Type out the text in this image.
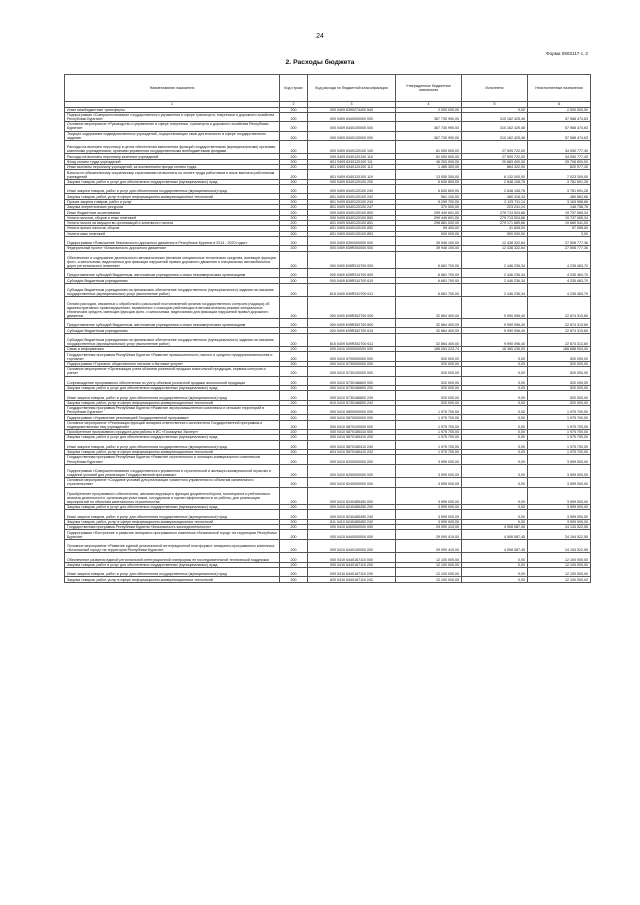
24
Форма 0503117 с. 2
2. Расходы бюджета
Наименование показателя	Код строки	Код расхода по бюджетной классификации	Утвержденные бюджетные назначения	Исполнено	Неисполненные назначения
1	2	3	4	5	6
Иные межбюджетные трансферты	200	000 0409 6390274400 540	2 000 000,00	0,00	2 000 000,00
Подпрограмма «Совершенствование государственного управления в сфере транспорта, энергетики и дорожного хозяйства Республики Бурятия»	200	000 0409 6340000000 000	367 730 990,00	310 162 425,46	57 568 474,63
Основное мероприятие «Руководство и управление в сфере энергетики, транспорта и дорожного хозяйства Республики Бурятия»	200	000 0409 6340100000 000	367 730 990,00	310 162 425,46	57 568 474,63
Текущее содержание подведомственных учреждений, осуществляющих свою деятельность в сфере государственного задания	200	000 0409 6340120000 000	367 730 990,00	310 162 425,46	57 568 474,63
Расходы на выплаты персоналу в целях обеспечения выполнения функций государственными (муниципальными) органами, казенными учреждениями, органами управления государственными внебюджетными фондами	200	000 0409 6340120100 100	61 059 500,00	27 509 722,00	34 050 777,40
Расходы на выплаты персоналу казенных учреждений	200	000 0409 6340120100 110	61 059 500,00	27 509 722,00	34 050 777,40
Фонд оплаты труда учреждений	200	801 0409 6340120100 111	46 200 000,00	20 683 400,00	25 706 600,00
Иные выплаты персоналу учреждений, за исключением фонда оплаты труда	200	801 0409 6340120100 112	1 485 300,00	864 322,00	620 977,40
Взносы по обязательному социальному страхованию на выплаты по оплате труда работников и иные выплаты работникам учреждений	200	801 0409 6340120100 119	13 055 300,00	6 132 000,00	7 023 300,00
Закупка товаров, работ и услуг для обеспечения государственных (муниципальных) нужд	200	000 0409 6340120100 200	6 630 800,00	2 848 108,78	3 781 691,28
Иные закупки товаров, работ и услуг для обеспечения государственных (муниципальных) нужд	200	000 0409 6340120100 240	6 630 800,00	2 848 108,78	3 781 691,28
Закупка товаров, работ, услуг в сфере информационно-коммуникационных технологий	200	801 0409 6340120100 242	961 100,00	480 318,34	480 862,66
Прочая закупка товаров, работ и услуг	200	801 0409 6340120100 244	5 299 700,00	2 125 711,14	3 163 988,86
Закупка энергетических ресурсов	200	801 0409 6340120100 247	370 000,00	223 241,24	146 758,76
Иные бюджетные ассигнования	200	000 0409 6340120100 800	299 449 601,00	279 713 524,66	19 737 065,34
Уплата налогов, сборов и иных платежей	200	000 0409 6340120100 850	299 449 601,00	279 713 524,66	19 737 065,34
Уплата налога на имущество организаций и земельного налога	200	801 0409 6340120100 851	298 881 000,00	279 171 689,66	19 689 541,00
Уплата прочих налогов, сборов	200	801 0409 6340120100 852	99 400,00	41 845,00	57 555,00
Уплата иных платежей	200	801 0409 6340120100 853	500 000,00	500 000,00	0,00
Подпрограмма «Повышение безопасности дорожного движения в Республике Бурятия в 2014 - 2020 годах»	200	000 0409 6390000000 000	39 946 100,00	12 438 322,64	27 508 777,36
Федеральный проект «Безопасность дорожного движения»	200	000 0409 639R300000 000	39 946 100,00	12 438 322,64	27 508 777,36
Обеспечение и содержание деятельности автоматических (включая специальные технические средства, имеющие функции фото- и киносъемки, видеозаписи для фиксации нарушений правил дорожного движения и специальных автомобильных дорог регионального значения»	200	000 0409 639R310700 000	6 681 700,00	2 446 236,34	4 235 463,70
Предоставление субсидий бюджетным, автономным учреждениям и иным некоммерческим организациям	200	000 0409 639R310700 600	6 681 700,00	2 446 236,34	4 235 463,70
Субсидии бюджетным учреждениям	200	000 0409 639R310700 610	6 681 700,00	2 446 236,34	4 235 463,70
Субсидии бюджетным учреждениям на финансовое обеспечение государственного (муниципального) задания на оказание государственных (муниципальных) услуг (выполнение работ)	200	815 0409 639R310700 611	6 681 700,00	2 446 236,34	4 235 463,70
Оплата расходов, связанных с обработкой и рассылкой постановлений органов государственного контроля (надзора) об административных правонарушениях, выявленных с помощью работающих в автоматическом режиме специальных технических средств, имеющих функции фото- и киносъемки, видеозаписи для фиксации нарушений правил дорожного движения	200	000 0409 639R352700 000	32 864 400,00	9 990 096,40	22 874 313,60
Предоставление субсидий бюджетным, автономным учреждениям и иным некоммерческим организациям	200	000 0409 639R352700 600	32 864 400,00	9 990 096,40	22 874 313,60
Субсидии бюджетным учреждениям	200	000 0409 639R352700 610	32 864 400,00	9 990 096,40	22 874 313,60
Субсидии бюджетным учреждениям на финансовое обеспечение государственного (муниципального) задания на оказание государственных (муниципальных) услуг (выполнение работ)	200	815 0409 639R352700 611	32 864 400,00	9 990 096,40	22 874 313,60
Связь и информатика	200	000 0410 0000000000 000	185 053 223,74	16 365 235,00	168 688 004,00
Государственная программа Республики Бурятия «Развитие промышленности, малого и среднего предпринимательства и торговли»	200	000 0410 5700000000 000	520 000,00	0,00	520 000,00
Подпрограмма «Торговля, общественное питание и бытовые услуги»	200	000 0410 5730000000 000	520 000,00	0,00	520 000,00
Основное мероприятие «Организация учета объемов розничной продажи алкогольной продукции, сервиса контроля и учета»	200	000 0410 5730100000 000	520 000,00	0,00	520 000,00
Сопровождение программного обеспечения по учету объемов розничной продажи алкогольной продукции	200	000 0410 5730186800 000	520 000,00	0,00	520 000,00
Закупка товаров, работ и услуг для обеспечения государственных (муниципальных) нужд	200	000 0410 5730186800 200	520 000,00	0,00	520 000,00
Иные закупки товаров, работ и услуг для обеспечения государственных (муниципальных) нужд	200	000 0410 5730186800 240	520 000,00	0,00	520 000,00
Закупка товаров, работ, услуг в сфере информационно-коммуникационных технологий	200	810 0410 5730186800 242	520 000,00	0,00	520 000,00
Государственная программа Республики Бурятия «Развитие агропромышленного комплекса и сельских территорий в Республике Бурятия»	200	000 0410 5800000000 000	1 975 700,00	0,00	1 975 700,00
Подпрограмма «Управление реализацией Государственной программы»	200	000 0410 5870000000 000	1 975 700,00	0,00	1 975 700,00
Основное мероприятие «Реализация функций аппарата ответственного исполнителя Государственной программы и подведомственных ему учреждений»	200	000 0410 5870100000 000	1 975 700,00	0,00	1 975 700,00
Приобретение программного продукта для работы в ИС «Госзакупки Эксперт»	200	000 0410 5870185410 000	1 975 700,00	0,00	1 975 700,00
Закупка товаров, работ и услуг для обеспечения государственных (муниципальных) нужд	200	000 0410 5870185410 200	1 975 700,00	0,00	1 975 700,00
Иные закупки товаров, работ и услуг для обеспечения государственных (муниципальных) нужд	200	000 0410 5870185410 240	1 975 700,00	0,00	1 975 700,00
Закупка товаров, работ, услуг в сфере информационно-коммуникационных технологий	200	824 0410 5870185410 242	1 975 700,00	0,00	1 975 700,00
Государственная программа Республики Бурятия «Развитие строительного и жилищно-коммунального комплексов Республики Бурятия»	200	000 0410 6200000000 000	3 599 000,00	0,00	3 599 000,00
Подпрограмма «Совершенствование государственного управления в строительной и жилищно-коммунальной отраслях и создание условий для реализации Государственной программы»	200	000 0410 6250000000 000	3 599 000,00	0,00	3 599 000,00
Основное мероприятие «Создание условий для реализации грамотного управления по объектам капитального строительства»	200	000 0410 6240000000 000	3 599 000,00	0,00	3 599 000,00
Приобретение программного обеспечения, автоматизирующего функции документооборота, мониторинга и рейтингового анализа деятельности, организации участников, сотрудников и оценки эффективности их работы, для реализации мероприятий по объектам капитального строительства	200	000 0410 6240485450 000	3 599 000,00	0,00	3 599 000,00
Закупка товаров, работ и услуг для обеспечения государственных (муниципальных) нужд	200	000 0410 6240485450 200	3 599 000,00	0,00	3 599 000,00
Иные закупки товаров, работ и услуг для обеспечения государственных (муниципальных) нужд	200	000 0410 6240485450 240	3 599 000,00	0,00	3 599 000,00
Закупка товаров, работ, услуг в сфере информационно-коммуникационных технологий	200	811 0410 6240485450 242	3 599 000,00	0,00	3 599 000,00
Государственная программа Республики Бурятия «Безопасность жизнедеятельности»	200	000 0410 6400000000 000	29 090 419,00	4 908 087,45	24 134 522,55
Подпрограмма «Построение и развитие аппаратно-программного комплекса «Безопасный город» на территории Республики Бурятия»	200	000 0410 6440000000 000	29 090 419,00	4 908 087,45	24 194 522,55
Основное мероприятие «Развитие единой региональной интеграционной платформы» аппаратно-программного комплекса «Безопасный город» на территории Республики Бурятия»	200	000 0410 6440100000 000	29 090 419,00	4 908 087,45	24 194 522,55
Обеспечение развития единой региональной интеграционной платформы ее последовательной технической поддержки	200	000 0410 6440167110 000	12 100 000,00	0,00	12 100 000,00
Закупка товаров, работ и услуг для обеспечения государственных (муниципальных) нужд	200	000 0410 6440167110 200	12 100 000,00	0,00	12 100 000,00
Иные закупки товаров, работ и услуг для обеспечения государственных (муниципальных) нужд	200	000 0410 6440167110 240	12 100 000,00	0,00	12 100 000,00
Закупка товаров, работ, услуг в сфере информационно-коммуникационных технологий	200	820 0410 6440167110 242	12 100 000,00	0,00	12 100 000,00
